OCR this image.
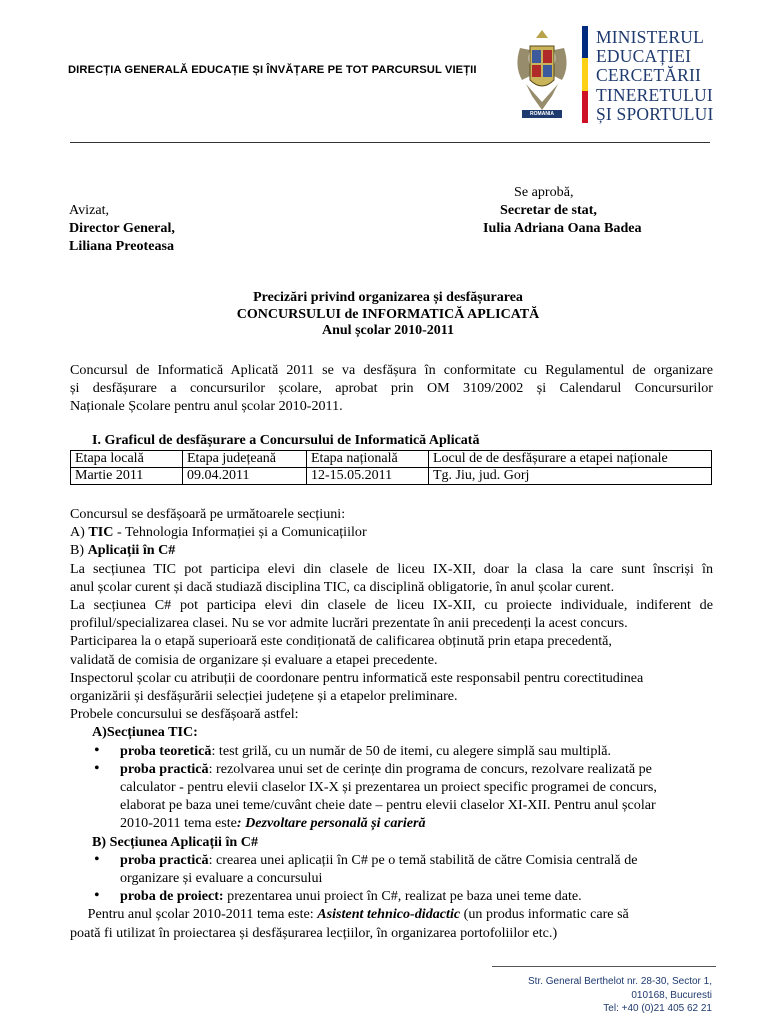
DIRECȚIA GENERALĂ EDUCAȚIE ȘI ÎNVĂȚARE PE TOT PARCURSUL VIEȚII
ROMANIA
MINISTERUL
EDUCAȚIEI
CERCETĂRII
TINERETULUI
ȘI SPORTULUI
Se aprobă,
Secretar de stat,
Iulia Adriana Oana Badea
Avizat,
Director General,
Liliana Preoteasa
Precizări privind organizarea și desfășurarea
CONCURSULUI de INFORMATICĂ APLICATĂ
Anul școlar 2010-2011
Concursul de Informatică Aplicată 2011 se va desfășura în conformitate cu Regulamentul de organizare
și desfășurare a concursurilor școlare, aprobat prin OM 3109/2002 și Calendarul Concursurilor
Naționale Școlare pentru anul școlar 2010-2011.
I. Graficul de desfășurare a Concursului de Informatică Aplicată
Etapa locală	Etapa județeană	Etapa națională	Locul de de desfășurare a etapei naționale
Martie 2011	09.04.2011	12-15.05.2011	Tg. Jiu, jud. Gorj
Concursul se desfășoară pe următoarele secțiuni:
A) TIC - Tehnologia Informației și a Comunicațiilor
B) Aplicații în C#
La secțiunea TIC pot participa elevi din clasele de liceu IX-XII, doar la clasa la care sunt înscriși în
anul școlar curent și dacă studiază disciplina TIC, ca disciplină obligatorie, în anul școlar curent.
La secțiunea C# pot participa elevi din clasele de liceu IX-XII, cu proiecte individuale, indiferent de
profilul/specializarea clasei. Nu se vor admite lucrări prezentate în anii precedenți la acest concurs.
Participarea la o etapă superioară este condiționată de calificarea obținută prin etapa precedentă,
validată de comisia de organizare și evaluare a etapei precedente.
Inspectorul școlar cu atribuții de coordonare pentru informatică este responsabil pentru corectitudinea
organizării și desfășurării selecției județene și a etapelor preliminare.
Probele concursului se desfășoară astfel:
A)Secțiunea TIC:
• proba teoretică: test grilă, cu un număr de 50 de itemi, cu alegere simplă sau multiplă.
• proba practică: rezolvarea unui set de cerințe din programa de concurs, rezolvare realizată pe
calculator - pentru elevii claselor IX-X și prezentarea un proiect specific programei de concurs,
elaborat pe baza unei teme/cuvânt cheie date – pentru elevii claselor XI-XII. Pentru anul școlar
2010-2011 tema este: Dezvoltare personală și carieră
B) Secțiunea Aplicații în C#
• proba practică: crearea unei aplicații în C# pe o temă stabilită de către Comisia centrală de
organizare și evaluare a concursului
• proba de proiect: prezentarea unui proiect în C#, realizat pe baza unei teme date.
Pentru anul școlar 2010-2011 tema este: Asistent tehnico-didactic (un produs informatic care să
poată fi utilizat în proiectarea și desfășurarea lecțiilor, în organizarea portofoliilor etc.)
Str. General Berthelot nr. 28-30, Sector 1,
010168, Bucuresti
Tel: +40 (0)21 405 62 21
